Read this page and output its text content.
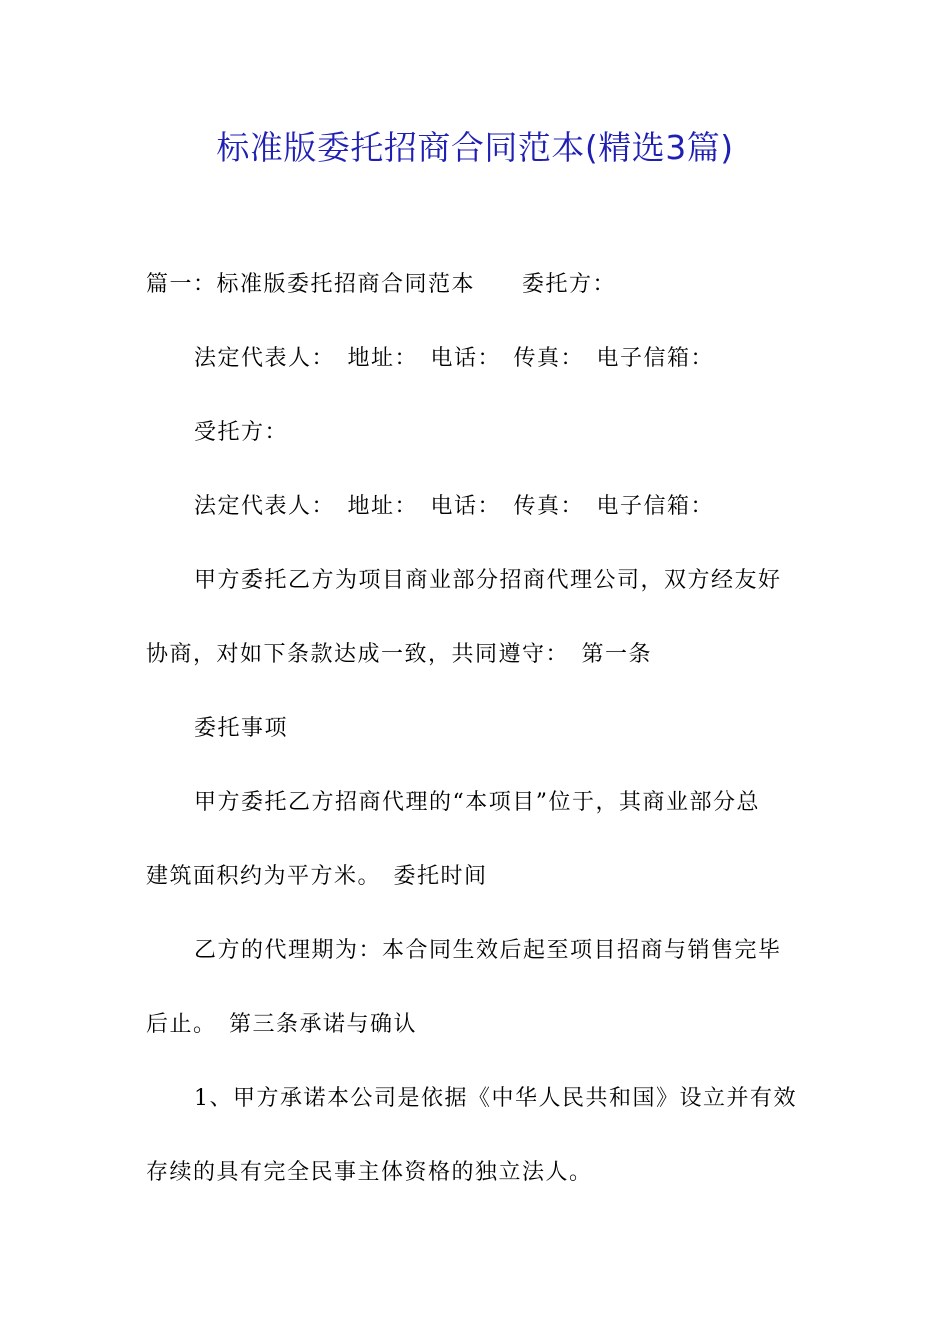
标准版委托招商合同范本(精选3篇)
篇一：标准版委托招商合同范本　　委托方：
法定代表人：　地址：　电话：　传真：　电子信箱：
受托方：
法定代表人：　地址：　电话：　传真：　电子信箱：
甲方委托乙方为项目商业部分招商代理公司，双方经友好
协商，对如下条款达成一致，共同遵守：　第一条
委托事项
甲方委托乙方招商代理的“本项目”位于，其商业部分总
建筑面积约为平方米。　委托时间
乙方的代理期为：本合同生效后起至项目招商与销售完毕
后止。　第三条承诺与确认
1、甲方承诺本公司是依据《中华人民共和国》设立并有效
存续的具有完全民事主体资格的独立法人。
